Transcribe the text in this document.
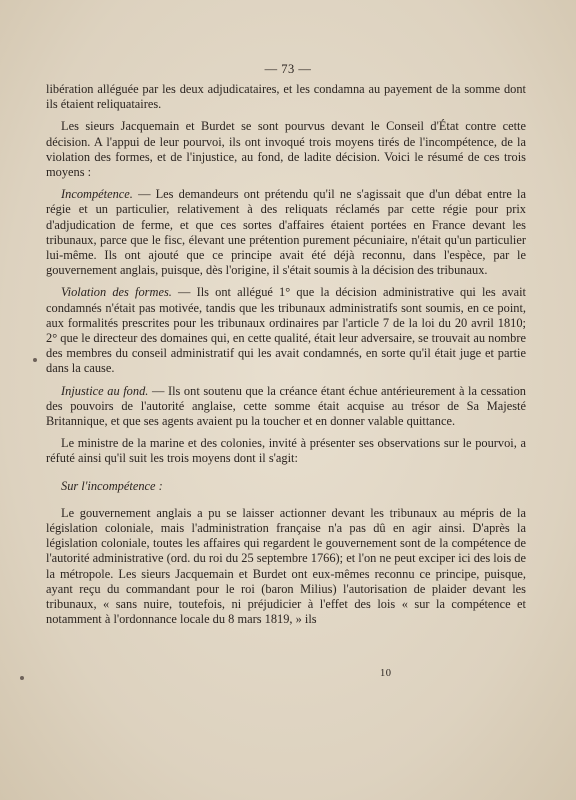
— 73 —

libération alléguée par les deux adjudicataires, et les condamna au payement de la somme dont ils étaient reliquataires.

Les sieurs Jacquemain et Burdet se sont pourvus devant le Conseil d'État contre cette décision. A l'appui de leur pourvoi, ils ont invoqué trois moyens tirés de l'incompétence, de la violation des formes, et de l'injustice, au fond, de ladite décision. Voici le résumé de ces trois moyens :

Incompétence. — Les demandeurs ont prétendu qu'il ne s'agissait que d'un débat entre la régie et un particulier, relativement à des reliquats réclamés par cette régie pour prix d'adjudication de ferme, et que ces sortes d'affaires étaient portées en France devant les tribunaux, parce que le fisc, élevant une prétention purement pécuniaire, n'était qu'un particulier lui-même. Ils ont ajouté que ce principe avait été déjà reconnu, dans l'espèce, par le gouvernement anglais, puisque, dès l'origine, il s'était soumis à la décision des tribunaux.

Violation des formes. — Ils ont allégué 1° que la décision administrative qui les avait condamnés n'était pas motivée, tandis que les tribunaux administratifs sont soumis, en ce point, aux formalités prescrites pour les tribunaux ordinaires par l'article 7 de la loi du 20 avril 1810; 2° que le directeur des domaines qui, en cette qualité, était leur adversaire, se trouvait au nombre des membres du conseil administratif qui les avait condamnés, en sorte qu'il était juge et partie dans la cause.

Injustice au fond. — Ils ont soutenu que la créance étant échue antérieurement à la cessation des pouvoirs de l'autorité anglaise, cette somme était acquise au trésor de Sa Majesté Britannique, et que ses agents avaient pu la toucher et en donner valable quittance.

Le ministre de la marine et des colonies, invité à présenter ses observations sur le pourvoi, a réfuté ainsi qu'il suit les trois moyens dont il s'agit:

Sur l'incompétence :

Le gouvernement anglais a pu se laisser actionner devant les tribunaux au mépris de la législation coloniale, mais l'administration française n'a pas dû en agir ainsi. D'après la législation coloniale, toutes les affaires qui regardent le gouvernement sont de la compétence de l'autorité administrative (ord. du roi du 25 septembre 1766); et l'on ne peut exciper ici des lois de la métropole. Les sieurs Jacquemain et Burdet ont eux-mêmes reconnu ce principe, puisque, ayant reçu du commandant pour le roi (baron Milius) l'autorisation de plaider devant les tribunaux, « sans nuire, toutefois, ni préjudicier à l'effet des lois « sur la compétence et notamment à l'ordonnance locale du 8 mars 1819, » ils

10
